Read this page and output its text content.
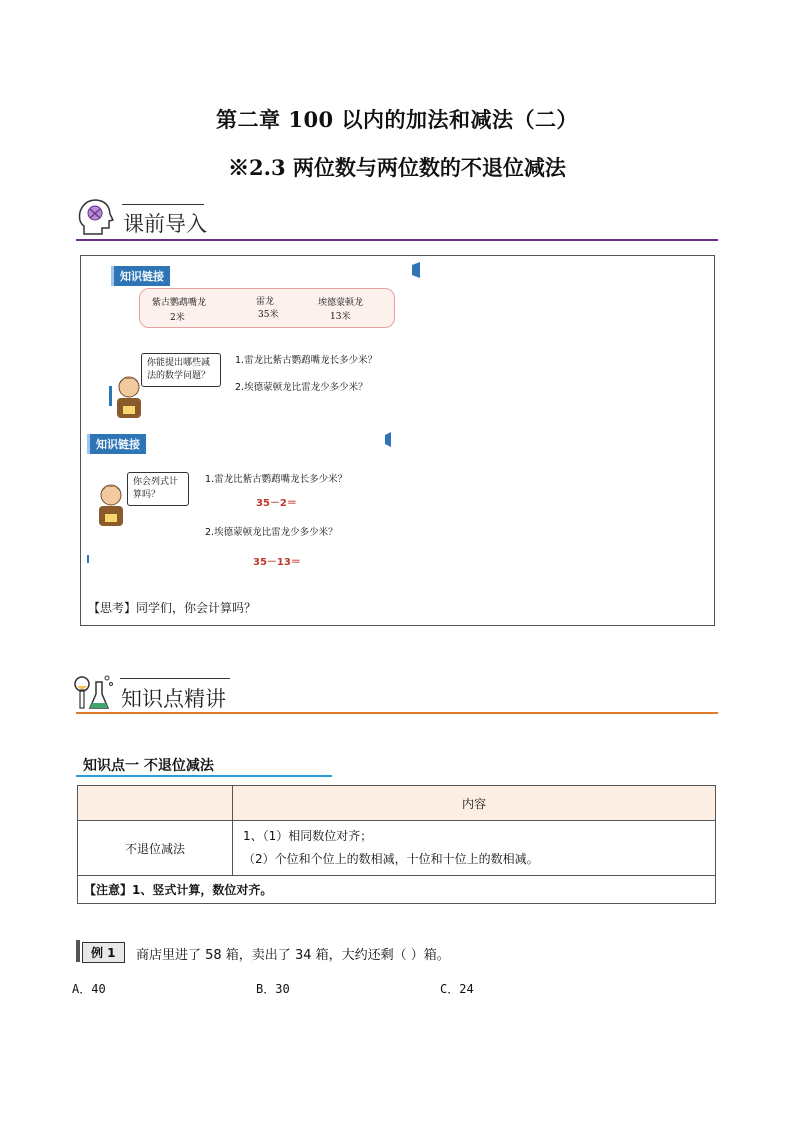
第二章 100 以内的加法和减法（二）
※2.3 两位数与两位数的不退位减法
课前导入
知识链接
紫古鹦鹉嘴龙
2米
雷龙
35米
埃德蒙顿龙
13米
你能提出哪些减法的数学问题？
1.雷龙比紫古鹦鹉嘴龙长多少米？
2.埃德蒙顿龙比雷龙少多少米？
知识链接
你会列式计算吗？
1.雷龙比紫古鹦鹉嘴龙长多少米？
35－2＝
2.埃德蒙顿龙比雷龙少多少米？
35－13＝
【思考】同学们，你会计算吗？
知识点精讲
知识点一 不退位减法
	内容
不退位减法	1、（1）相同数位对齐；
（2）个位和个位上的数相减，十位和十位上的数相减。

【注意】1、竖式计算，数位对齐。	
例 1	商店里进了 58 箱，卖出了 34 箱，大约还剩（ ）箱。
A．40	B．30	C．24
